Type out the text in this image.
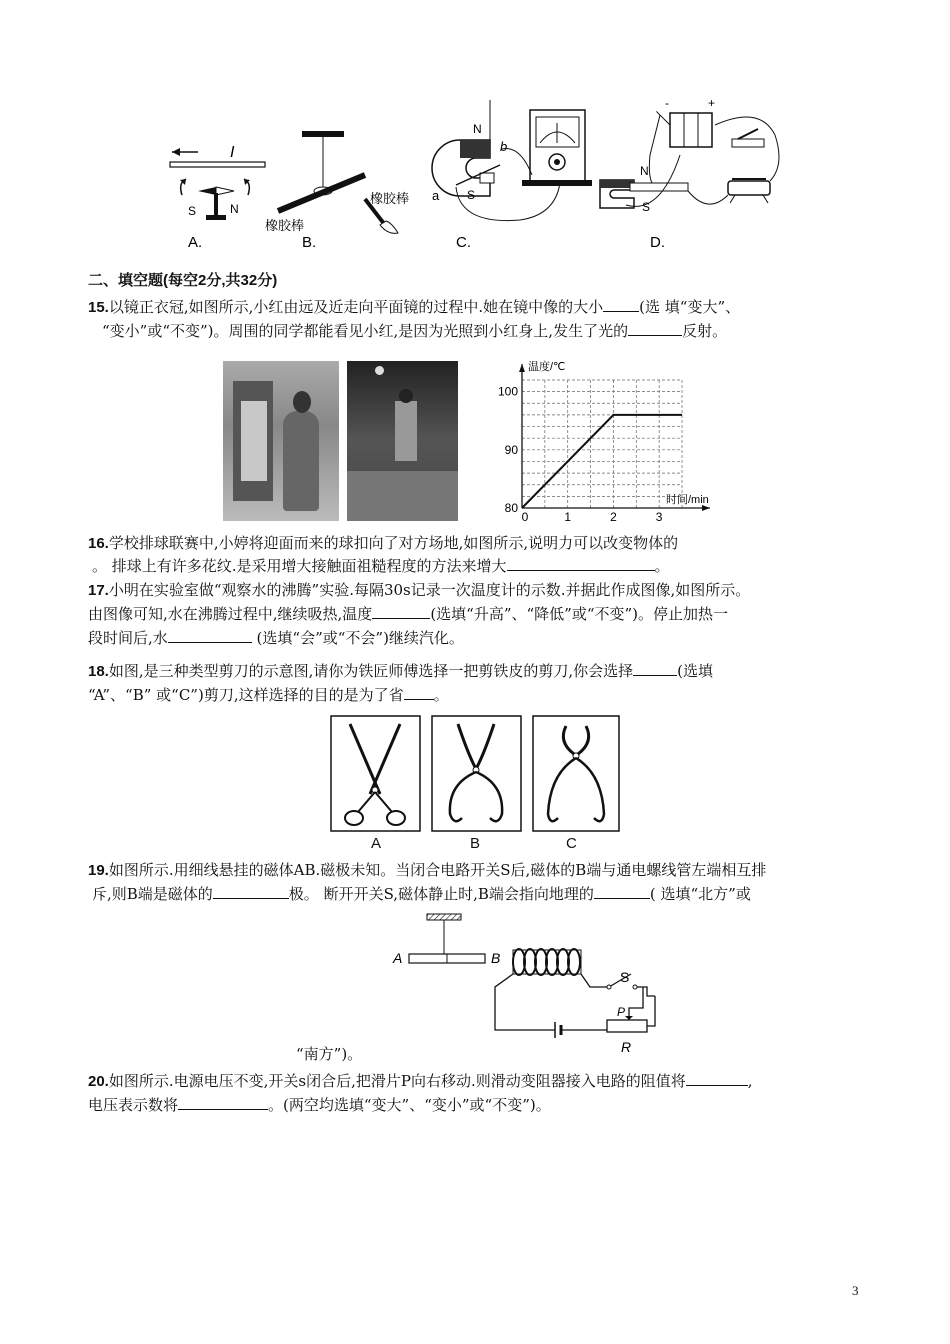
I
S	N
A.
橡胶棒
橡胶棒
B.
N
S
a
b
C.
-	+
N
S
D.
二、填空题(每空2分,共32分)
15.以镜正衣冠,如图所示,小红由远及近走向平面镜的过程中.她在镜中像的大小 (选 填“变大”、
“变小”或“不变”)。周围的同学都能看见小红,是因为光照到小红身上,发生了光的	反射。
温度/℃
时间/min
80
90
100
0	1	2	3
16.学校排球联赛中,小婷将迎面而来的球扣向了对方场地,如图所示,说明力可以改变物体的
。 排球上有许多花纹.是采用增大接触面祖糙程度的方法来增大	。
17.小明在实验室做“观察水的沸腾”实验.每隔30s记录一次温度计的示数.并据此作成图像,如图所示。
由图像可知,水在沸腾过程中,继续吸热,温度	(选填“升高”、“降低”或“不变”)。停止加热一
段时间后,水	(选填“会”或“不会”)继续汽化。
18.如图,是三种类型剪刀的示意图,请你为铁匠师傅选择一把剪铁皮的剪刀,你会选择	(选填
“A”、“B” 或“C”)剪刀,这样选择的目的是为了省 。
A	B	C
19.如图所示.用细线悬挂的磁体AB.磁极未知。当闭合电路开关S后,磁体的B端与通电螺线管左端相互排
斥,则B端是磁体的	极。 断开开关S,磁体静止时,B端会指向地理的	( 选填“北方”或
A	B
S
P
R
“南方”)。
20.如图所示.电源电压不变,开关s闭合后,把滑片P向右移动.则滑动变阻器接入电路的阻值将	,
电压表示数将	。(两空均选填“变大”、“变小”或“不变”)。
3
